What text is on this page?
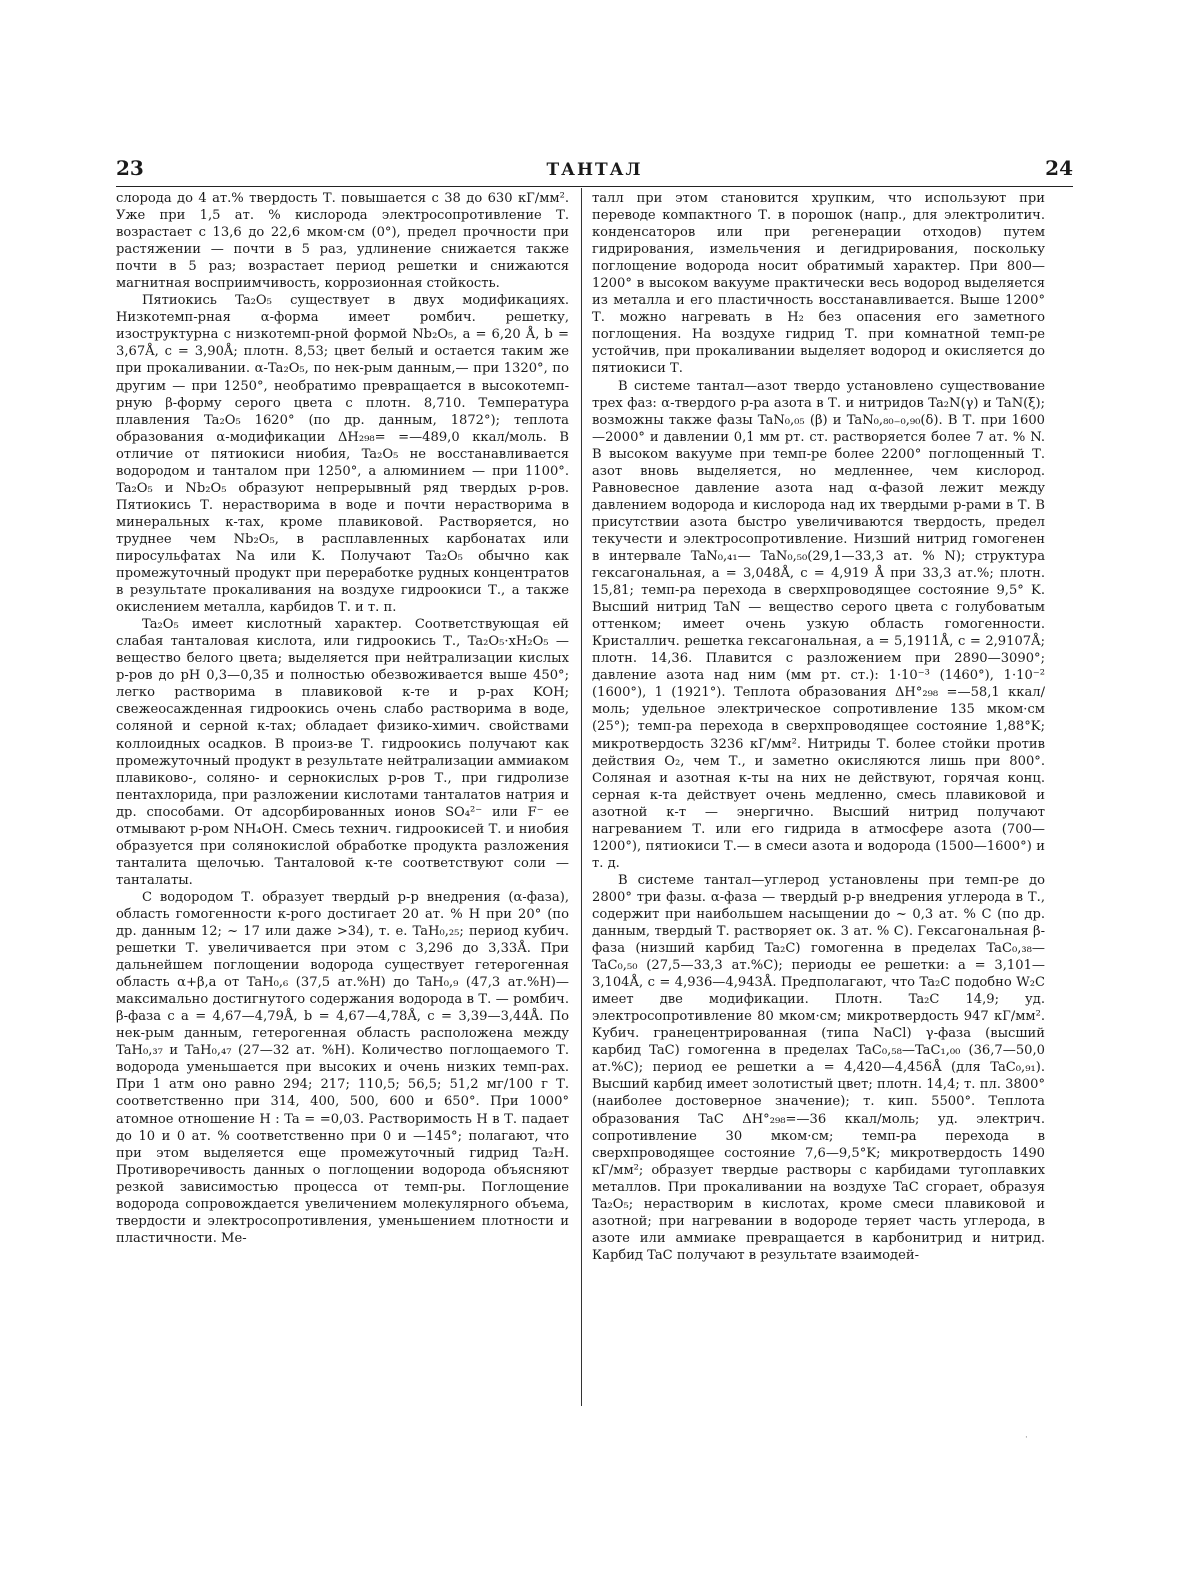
23	ТАНТАЛ	24

слорода до 4 ат.% твердость Т. повышается с 38 до 630 кГ/мм². Уже при 1,5 ат. % кислорода электросопротивление Т. возрастает с 13,6 до 22,6 мком·см (0°), предел прочности при растяжении — почти в 5 раз, удлинение снижается также почти в 5 раз; возрастает период решетки и снижаются магнитная восприимчивость, коррозионная стойкость.

Пятиокись Ta₂O₅ существует в двух модификациях. Низкотемп-рная α-форма имеет ромбич. решетку, изоструктурна с низкотемп-рной формой Nb₂O₅, a = 6,20 Å, b = 3,67Å, c = 3,90Å; плотн. 8,53; цвет белый и остается таким же при прокаливании. α-Ta₂O₅, по нек-рым данным,— при 1320°, по другим — при 1250°, необратимо превращается в высокотемп-рную β-форму серого цвета с плотн. 8,710. Температура плавления Ta₂O₅ 1620° (по др. данным, 1872°); теплота образования α-модификации ΔH₂₉₈= =—489,0 ккал/моль. В отличие от пятиокиси ниобия, Ta₂O₅ не восстанавливается водородом и танталом при 1250°, а алюминием — при 1100°. Ta₂O₅ и Nb₂O₅ образуют непрерывный ряд твердых р-ров. Пятиокись Т. нерастворима в воде и почти нерастворима в минеральных к-тах, кроме плавиковой. Растворяется, но труднее чем Nb₂O₅, в расплавленных карбонатах или пиросульфатах Na или K. Получают Ta₂O₅ обычно как промежуточный продукт при переработке рудных концентратов в результате прокаливания на воздухе гидроокиси Т., а также окислением металла, карбидов Т. и т. п.

Ta₂O₅ имеет кислотный характер. Соответствующая ей слабая танталовая кислота, или гидроокись Т., Ta₂O₅·xH₂O₅ — вещество белого цвета; выделяется при нейтрализации кислых р-ров до pH 0,3—0,35 и полностью обезвоживается выше 450°; легко растворима в плавиковой к-те и р-рах KOH; свежеосажденная гидроокись очень слабо растворима в воде, соляной и серной к-тах; обладает физико-химич. свойствами коллоидных осадков. В произ-ве Т. гидроокись получают как промежуточный продукт в результате нейтрализации аммиаком плавиково-, соляно- и сернокислых р-ров Т., при гидролизе пентахлорида, при разложении кислотами танталатов натрия и др. способами. От адсорбированных ионов SO₄²⁻ или F⁻ ее отмывают р-ром NH₄OH. Смесь технич. гидроокисей Т. и ниобия образуется при солянокислой обработке продукта разложения танталита щелочью. Танталовой к-те соответствуют соли — танталаты.

С водородом Т. образует твердый р-р внедрения (α-фаза), область гомогенности к-рого достигает 20 ат. % H при 20° (по др. данным 12; ~ 17 или даже >34), т. е. TaH₀,₂₅; период кубич. решетки Т. увеличивается при этом с 3,296 до 3,33Å. При дальнейшем поглощении водорода существует гетерогенная область α+β,а от TaH₀,₆ (37,5 ат.%H) до TaH₀,₉ (47,3 ат.%H)— максимально достигнутого содержания водорода в Т. — ромбич. β-фаза с a = 4,67—4,79Å, b = 4,67—4,78Å, c = 3,39—3,44Å. По нек-рым данным, гетерогенная область расположена между TaH₀,₃₇ и TaH₀,₄₇ (27—32 ат. %H). Количество поглощаемого Т. водорода уменьшается при высоких и очень низких темп-рах. При 1 атм оно равно 294; 217; 110,5; 56,5; 51,2 мг/100 г Т. соответственно при 314, 400, 500, 600 и 650°. При 1000° атомное отношение H : Ta = =0,03. Растворимость H в Т. падает до 10 и 0 ат. % соответственно при 0 и —145°; полагают, что при этом выделяется еще промежуточный гидрид Ta₂H. Противоречивость данных о поглощении водорода объясняют резкой зависимостью процесса от темп-ры. Поглощение водорода сопровождается увеличением молекулярного объема, твердости и электросопротивления, уменьшением плотности и пластичности. Ме-

талл при этом становится хрупким, что используют при переводе компактного Т. в порошок (напр., для электролитич. конденсаторов или при регенерации отходов) путем гидрирования, измельчения и дегидрирования, поскольку поглощение водорода носит обратимый характер. При 800—1200° в высоком вакууме практически весь водород выделяется из металла и его пластичность восстанавливается. Выше 1200° Т. можно нагревать в H₂ без опасения его заметного поглощения. На воздухе гидрид Т. при комнатной темп-ре устойчив, при прокаливании выделяет водород и окисляется до пятиокиси Т.

В системе тантал—азот твердо установлено существование трех фаз: α-твердого р-ра азота в Т. и нитридов Ta₂N(γ) и TaN(ξ); возможны также фазы TaN₀,₀₅ (β) и TaN₀,₈₀₋₀,₉₀(δ). В Т. при 1600—2000° и давлении 0,1 мм рт. ст. растворяется более 7 ат. % N. В высоком вакууме при темп-ре более 2200° поглощенный Т. азот вновь выделяется, но медленнее, чем кислород. Равновесное давление азота над α-фазой лежит между давлением водорода и кислорода над их твердыми р-рами в Т. В присутствии азота быстро увеличиваются твердость, предел текучести и электросопротивление. Низший нитрид гомогенен в интервале TaN₀,₄₁— TaN₀,₅₀(29,1—33,3 ат. % N); структура гексагональная, a = 3,048Å, c = 4,919 Å при 33,3 ат.%; плотн. 15,81; темп-ра перехода в сверхпроводящее состояние 9,5° K. Высший нитрид TaN — вещество серого цвета с голубоватым оттенком; имеет очень узкую область гомогенности. Кристаллич. решетка гексагональная, a = 5,1911Å, c = 2,9107Å; плотн. 14,36. Плавится с разложением при 2890—3090°; давление азота над ним (мм рт. ст.): 1·10⁻³ (1460°), 1·10⁻² (1600°), 1 (1921°). Теплота образования ΔH°₂₉₈ =—58,1 ккал/моль; удельное электрическое сопротивление 135 мком·см (25°); темп-ра перехода в сверхпроводящее состояние 1,88°K; микротвердость 3236 кГ/мм². Нитриды Т. более стойки против действия O₂, чем Т., и заметно окисляются лишь при 800°. Соляная и азотная к-ты на них не действуют, горячая конц. серная к-та действует очень медленно, смесь плавиковой и азотной к-т — энергично. Высший нитрид получают нагреванием Т. или его гидрида в атмосфере азота (700—1200°), пятиокиси Т.— в смеси азота и водорода (1500—1600°) и т. д.

В системе тантал—углерод установлены при темп-ре до 2800° три фазы. α-фаза — твердый р-р внедрения углерода в Т., содержит при наибольшем насыщении до ~ 0,3 ат. % C (по др. данным, твердый Т. растворяет ок. 3 ат. % C). Гексагональная β-фаза (низший карбид Ta₂C) гомогенна в пределах TaC₀,₃₈—TaC₀,₅₀ (27,5—33,3 ат.%C); периоды ее решетки: a = 3,101—3,104Å, c = 4,936—4,943Å. Предполагают, что Ta₂C подобно W₂C имеет две модификации. Плотн. Ta₂C 14,9; уд. электросопротивление 80 мком·см; микротвердость 947 кГ/мм². Кубич. гранецентрированная (типа NaCl) γ-фаза (высший карбид TaC) гомогенна в пределах TaC₀,₅₈—TaC₁,₀₀ (36,7—50,0 ат.%C); период ее решетки a = 4,420—4,456Å (для TaC₀,₉₁). Высший карбид имеет золотистый цвет; плотн. 14,4; т. пл. 3800° (наиболее достоверное значение); т. кип. 5500°. Теплота образования TaC ΔH°₂₉₈=—36 ккал/моль; уд. электрич. сопротивление 30 мком·см; темп-ра перехода в сверхпроводящее состояние 7,6—9,5°K; микротвердость 1490 кГ/мм²; образует твердые растворы с карбидами тугоплавких металлов. При прокаливании на воздухе TaC сгорает, образуя Ta₂O₅; нерастворим в кислотах, кроме смеси плавиковой и азотной; при нагревании в водороде теряет часть углерода, в азоте или аммиаке превращается в карбонитрид и нитрид. Карбид TaC получают в результате взаимодей-

·
